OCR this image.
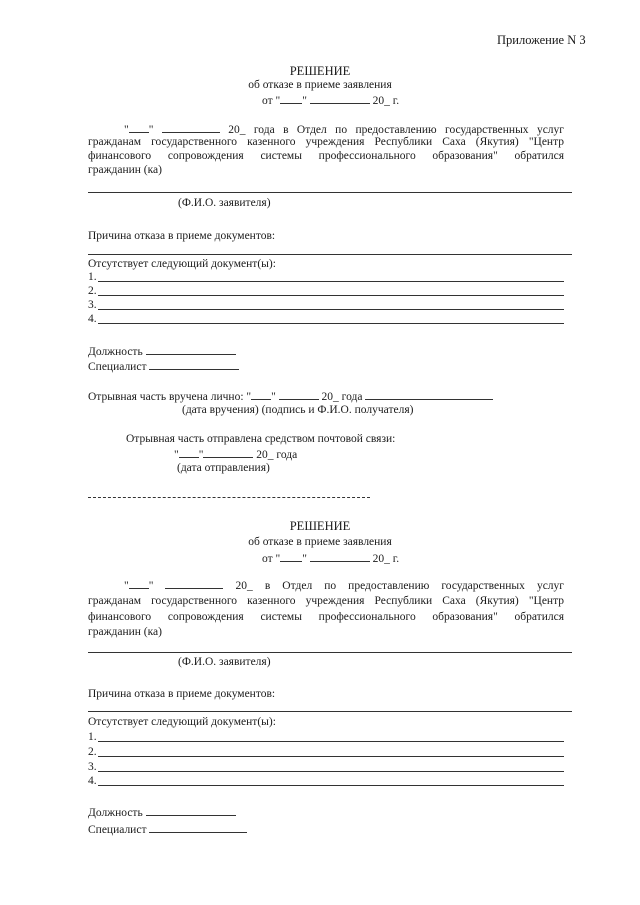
Приложение N 3
РЕШЕНИЕ
об отказе в приеме заявления
от " "	20_ г.
" "	20_ года в Отдел по предоставлению государственных услуг
гражданам государственного казенного учреждения Республики Саха (Якутия) "Центр
финансового сопровождения системы профессионального образования" обратился
гражданин (ка)
(Ф.И.О. заявителя)
Причина отказа в приеме документов:
Отсутствует следующий документ(ы):
1.
2.
3.
4.
Должность
Специалист
Отрывная часть вручена лично: " "	20_ года
(дата вручения) (подпись и Ф.И.О. получателя)
Отрывная часть отправлена средством почтовой связи:
" "	20_ года
(дата отправления)
РЕШЕНИЕ
об отказе в приеме заявления
от " "	20_ г.
" "	20_ в Отдел по предоставлению государственных услуг
гражданам государственного казенного учреждения Республики Саха (Якутия) "Центр
финансового сопровождения системы профессионального образования" обратился
гражданин (ка)
(Ф.И.О. заявителя)
Причина отказа в приеме документов:
Отсутствует следующий документ(ы):
1.
2.
3.
4.
Должность
Специалист
